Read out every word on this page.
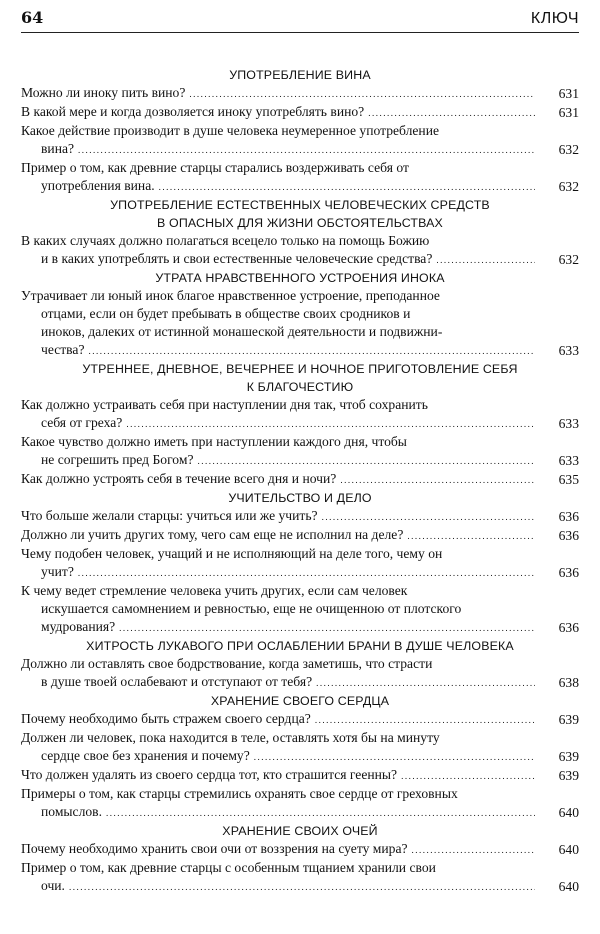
64	КЛЮЧ
УПОТРЕБЛЕНИЕ ВИНА
Можно ли иноку пить вино? .....	631
В какой мере и когда дозволяется иноку употреблять вино? .....	631
Какое действие производит в душе человека неумеренное употребление
вина? .....	632
Пример о том, как древние старцы старались воздерживать себя от
употребления вина. .....	632
УПОТРЕБЛЕНИЕ ЕСТЕСТВЕННЫХ ЧЕЛОВЕЧЕСКИХ СРЕДСТВ
В ОПАСНЫХ ДЛЯ ЖИЗНИ ОБСТОЯТЕЛЬСТВАХ
В каких случаях должно полагаться всецело только на помощь Божию
и в каких употреблять и свои естественные человеческие средства? .....	632
УТРАТА НРАВСТВЕННОГО УСТРОЕНИЯ ИНОКА
Утрачивает ли юный инок благое нравственное устроение, преподанное
отцами, если он будет пребывать в обществе своих сродников и
иноков, далеких от истинной монашеской деятельности и подвижни-
чества? .....	633
УТРЕННЕЕ, ДНЕВНОЕ, ВЕЧЕРНЕЕ И НОЧНОЕ ПРИГОТОВЛЕНИЕ СЕБЯ
К БЛАГОЧЕСТИЮ
Как должно устраивать себя при наступлении дня так, чтоб сохранить
себя от греха? .....	633
Какое чувство должно иметь при наступлении каждого дня, чтобы
не согрешить пред Богом? .....	633
Как должно устроять себя в течение всего дня и ночи? .....	635
УЧИТЕЛЬСТВО И ДЕЛО
Что больше желали старцы: учиться или же учить? .....	636
Должно ли учить других тому, чего сам еще не исполнил на деле? .....	636
Чему подобен человек, учащий и не исполняющий на деле того, чему он
учит? .....	636
К чему ведет стремление человека учить других, если сам человек
искушается самомнением и ревностью, еще не очищенною от плотского
мудрования? .....	636
ХИТРОСТЬ ЛУКАВОГО ПРИ ОСЛАБЛЕНИИ БРАНИ В ДУШЕ ЧЕЛОВЕКА
Должно ли оставлять свое бодрствование, когда заметишь, что страсти
в душе твоей ослабевают и отступают от тебя? .....	638
ХРАНЕНИЕ СВОЕГО СЕРДЦА
Почему необходимо быть стражем своего сердца? .....	639
Должен ли человек, пока находится в теле, оставлять хотя бы на минуту
сердце свое без хранения и почему? .....	639
Что должен удалять из своего сердца тот, кто страшится геенны? .....	639
Примеры о том, как старцы стремились охранять свое сердце от греховных
помыслов. .....	640
ХРАНЕНИЕ СВОИХ ОЧЕЙ
Почему необходимо хранить свои очи от воззрения на суету мира? .....	640
Пример о том, как древние старцы с особенным тщанием хранили свои
очи. .....	640
